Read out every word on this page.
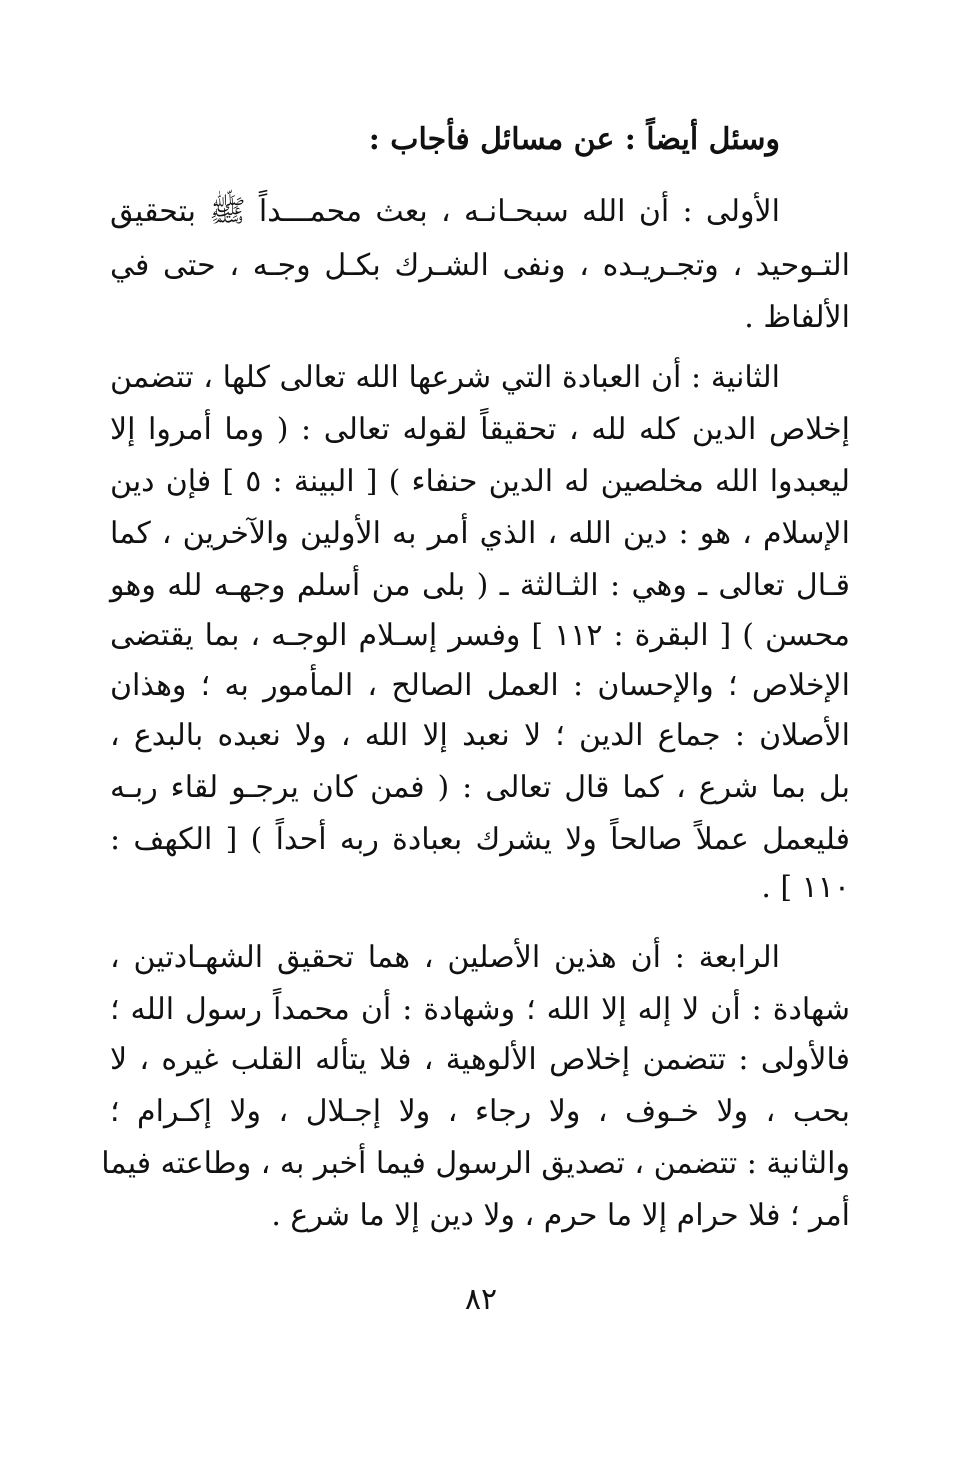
وسئل أيضاً : عن مسائل فأجاب :
الأولى : أن الله سبحـانـه ، بعث محمـــداً ﷺ بتحقيق
التـوحيد ، وتجـريـده ، ونفى الشـرك بكـل وجـه ، حتى في
الألفاظ .
الثانية : أن العبادة التي شرعها الله تعالى كلها ، تتضمن
إخلاص الدين كله لله ، تحقيقاً لقوله تعالى : ( وما أمروا إلا
ليعبدوا الله مخلصين له الدين حنفاء ) [ البينة : ٥ ] فإن دين
الإسلام ، هو : دين الله ، الذي أمر به الأولين والآخرين ، كما
قـال تعالى ـ وهي : الثـالثة ـ ( بلى من أسلم وجهـه لله وهو
محسن ) [ البقرة : ١١٢ ] وفسر إسـلام الوجـه ، بما يقتضى
الإخلاص ؛ والإحسان : العمل الصالح ، المأمور به ؛ وهذان
الأصلان : جماع الدين ؛ لا نعبد إلا الله ، ولا نعبده بالبدع ،
بل بما شرع ، كما قال تعالى : ( فمن كان يرجـو لقاء ربـه
فليعمل عملاً صالحاً ولا يشرك بعبادة ربه أحداً ) [ الكهف :
١١٠ ] .
الرابعة : أن هذين الأصلين ، هما تحقيق الشهـادتين ،
شهادة : أن لا إله إلا الله ؛ وشهادة : أن محمداً رسول الله ؛
فالأولى : تتضمن إخلاص الألوهية ، فلا يتأله القلب غيره ، لا
بحب ، ولا خـوف ، ولا رجاء ، ولا إجـلال ، ولا إكـرام ؛
والثانية : تتضمن ، تصديق الرسول فيما أخبر به ، وطاعته فيما
أمر ؛ فلا حرام إلا ما حرم ، ولا دين إلا ما شرع .
٨٢
